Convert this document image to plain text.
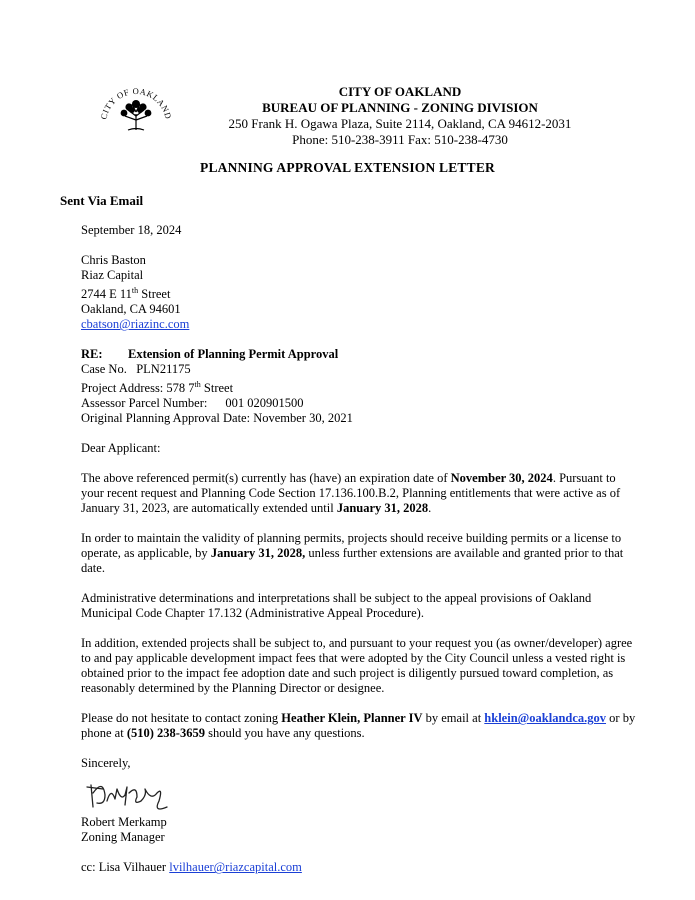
CITY OF OAKLAND
CITY OF OAKLAND
BUREAU OF PLANNING - ZONING DIVISION
250 Frank H. Ogawa Plaza, Suite 2114, Oakland, CA 94612-2031
Phone: 510-238-3911 Fax: 510-238-4730
PLANNING APPROVAL EXTENSION LETTER
Sent Via Email

September 18, 2024

Chris Baston
Riaz Capital
2744 E 11th Street
Oakland, CA 94601
cbatson@riazinc.com
RE: Extension of Planning Permit Approval
Case No. PLN21175
Project Address: 578 7th Street
Assessor Parcel Number: 001 020901500
Original Planning Approval Date: November 30, 2021

Dear Applicant:

The above referenced permit(s) currently has (have) an expiration date of November 30, 2024. Pursuant to your recent request and Planning Code Section 17.136.100.B.2, Planning entitlements that were active as of January 31, 2023, are automatically extended until January 31, 2028.

In order to maintain the validity of planning permits, projects should receive building permits or a license to operate, as applicable, by January 31, 2028, unless further extensions are available and granted prior to that date.

Administrative determinations and interpretations shall be subject to the appeal provisions of Oakland Municipal Code Chapter 17.132 (Administrative Appeal Procedure).

In addition, extended projects shall be subject to, and pursuant to your request you (as owner/developer) agree to and pay applicable development impact fees that were adopted by the City Council unless a vested right is obtained prior to the impact fee adoption date and such project is diligently pursued toward completion, as reasonably determined by the Planning Director or designee.

Please do not hesitate to contact zoning Heather Klein, Planner IV by email at hklein@oaklandca.gov or by phone at (510) 238-3659 should you have any questions.

Sincerely,

Robert Merkamp
Zoning Manager

cc: Lisa Vilhauer lvilhauer@riazcapital.com
